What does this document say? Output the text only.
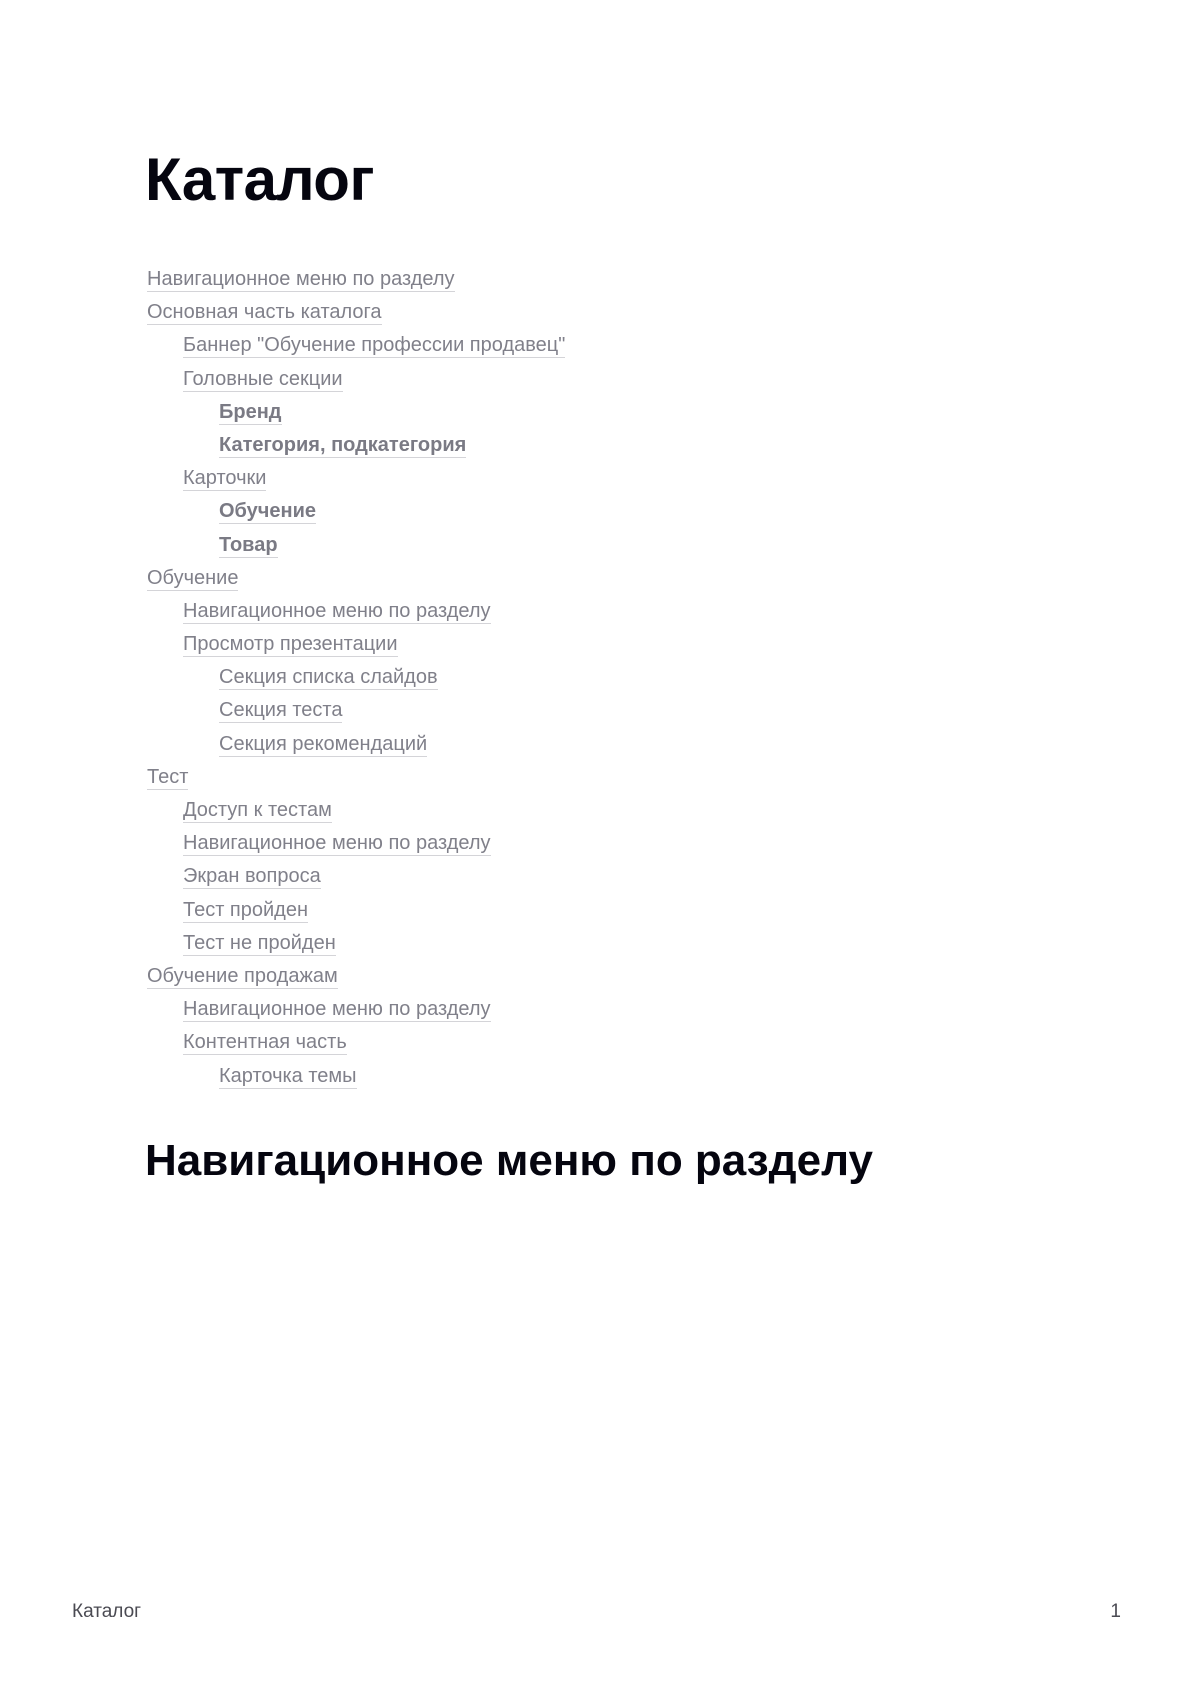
Каталог
Навигационное меню по разделу
Основная часть каталога
Баннер "Обучение профессии продавец"
Головные секции
Бренд
Категория, подкатегория
Карточки
Обучение
Товар
Обучение
Навигационное меню по разделу
Просмотр презентации
Секция списка слайдов
Секция теста
Секция рекомендаций
Тест
Доступ к тестам
Навигационное меню по разделу
Экран вопроса
Тест пройден
Тест не пройден
Обучение продажам
Навигационное меню по разделу
Контентная часть
Карточка темы
Навигационное меню по разделу
Каталог	1
